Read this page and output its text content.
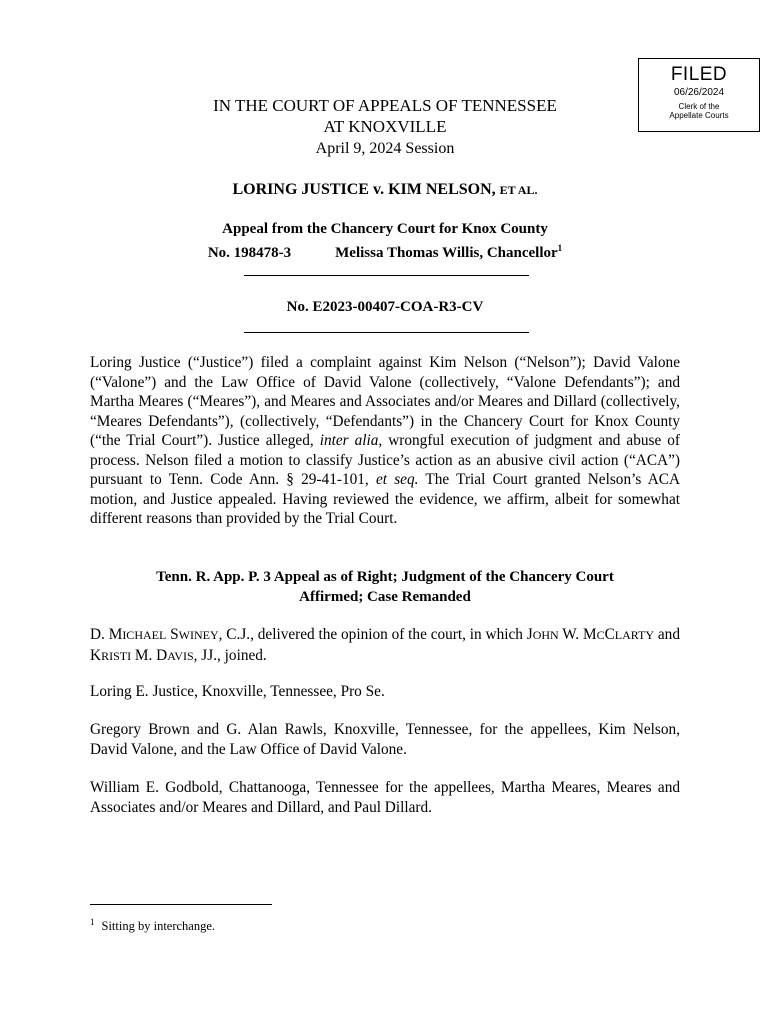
FILED
06/26/2024
Clerk of the
Appellate Courts
IN THE COURT OF APPEALS OF TENNESSEE
AT KNOXVILLE
April 9, 2024 Session
LORING JUSTICE v. KIM NELSON, ET AL.
Appeal from the Chancery Court for Knox County
No. 198478-3	Melissa Thomas Willis, Chancellor$^1$
No. E2023-00407-COA-R3-CV
Loring Justice (“Justice”) filed a complaint against Kim Nelson (“Nelson”); David Valone (“Valone”) and the Law Office of David Valone (collectively, “Valone Defendants”); and Martha Meares (“Meares”), and Meares and Associates and/or Meares and Dillard (collectively, “Meares Defendants”), (collectively, “Defendants”) in the Chancery Court for Knox County (“the Trial Court”). Justice alleged, inter alia, wrongful execution of judgment and abuse of process. Nelson filed a motion to classify Justice’s action as an abusive civil action (“ACA”) pursuant to Tenn. Code Ann. § 29-41-101, et seq. The Trial Court granted Nelson’s ACA motion, and Justice appealed. Having reviewed the evidence, we affirm, albeit for somewhat different reasons than provided by the Trial Court.
Tenn. R. App. P. 3 Appeal as of Right; Judgment of the Chancery Court
Affirmed; Case Remanded
D. MICHAEL SWINEY, C.J., delivered the opinion of the court, in which JOHN W. MCCLARTY and KRISTI M. DAVIS, JJ., joined.
Loring E. Justice, Knoxville, Tennessee, Pro Se.
Gregory Brown and G. Alan Rawls, Knoxville, Tennessee, for the appellees, Kim Nelson, David Valone, and the Law Office of David Valone.
William E. Godbold, Chattanooga, Tennessee for the appellees, Martha Meares, Meares and Associates and/or Meares and Dillard, and Paul Dillard.
$^1$ Sitting by interchange.
